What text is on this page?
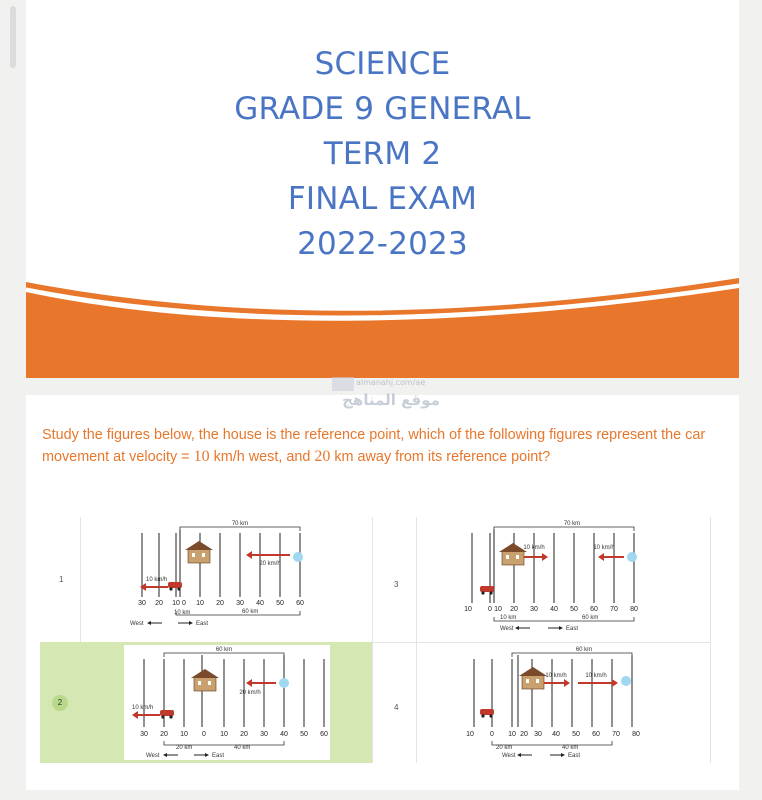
SCIENCE
GRADE 9 GENERAL
TERM 2
FINAL EXAM
2022-2023
almanahj.com/ae
موقع المناهج
Study the figures below, the house is the reference point, which of the following figures represent the car movement at velocity = 10 km/h west, and 20 km away from its reference point?
1
70 km
20 km/h
10 km/h
30 20 10 0 10 20 30 40 50 60
10 km	60 km
West	East
3
70 km
10 km/h	10 km/h
10 0 10 20 30 40 50 60 70 80
10 km	60 km
West	East
2
60 km
20 km/h
10 km/h
30 20 10 0 10 20 30 40 50 60
20 km	40 km
West	East
4
60 km
10 km/h	10 km/h
10 0 10 20 30 40 50 60 70 80
20 km	40 km
West	East
